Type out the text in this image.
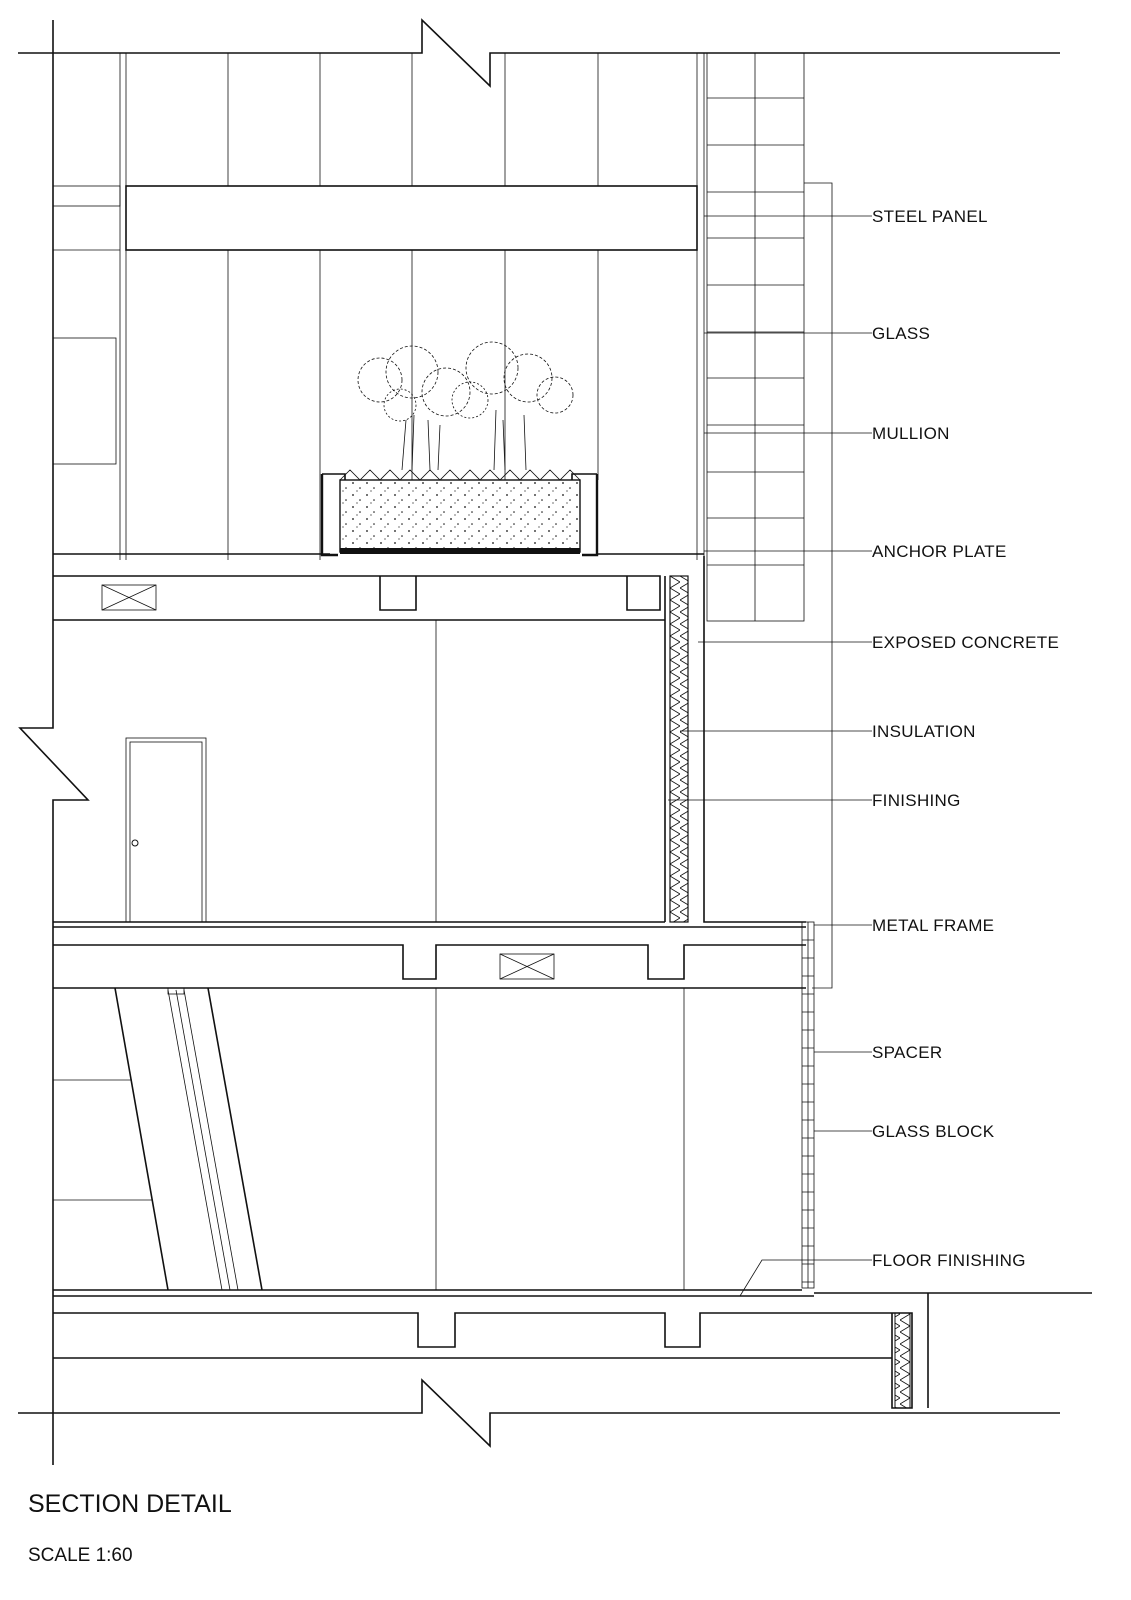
STEEL PANEL
GLASS
MULLION
ANCHOR PLATE
EXPOSED CONCRETE
INSULATION
FINISHING
METAL FRAME
SPACER
GLASS BLOCK
FLOOR FINISHING
SECTION DETAIL
SCALE 1:60
